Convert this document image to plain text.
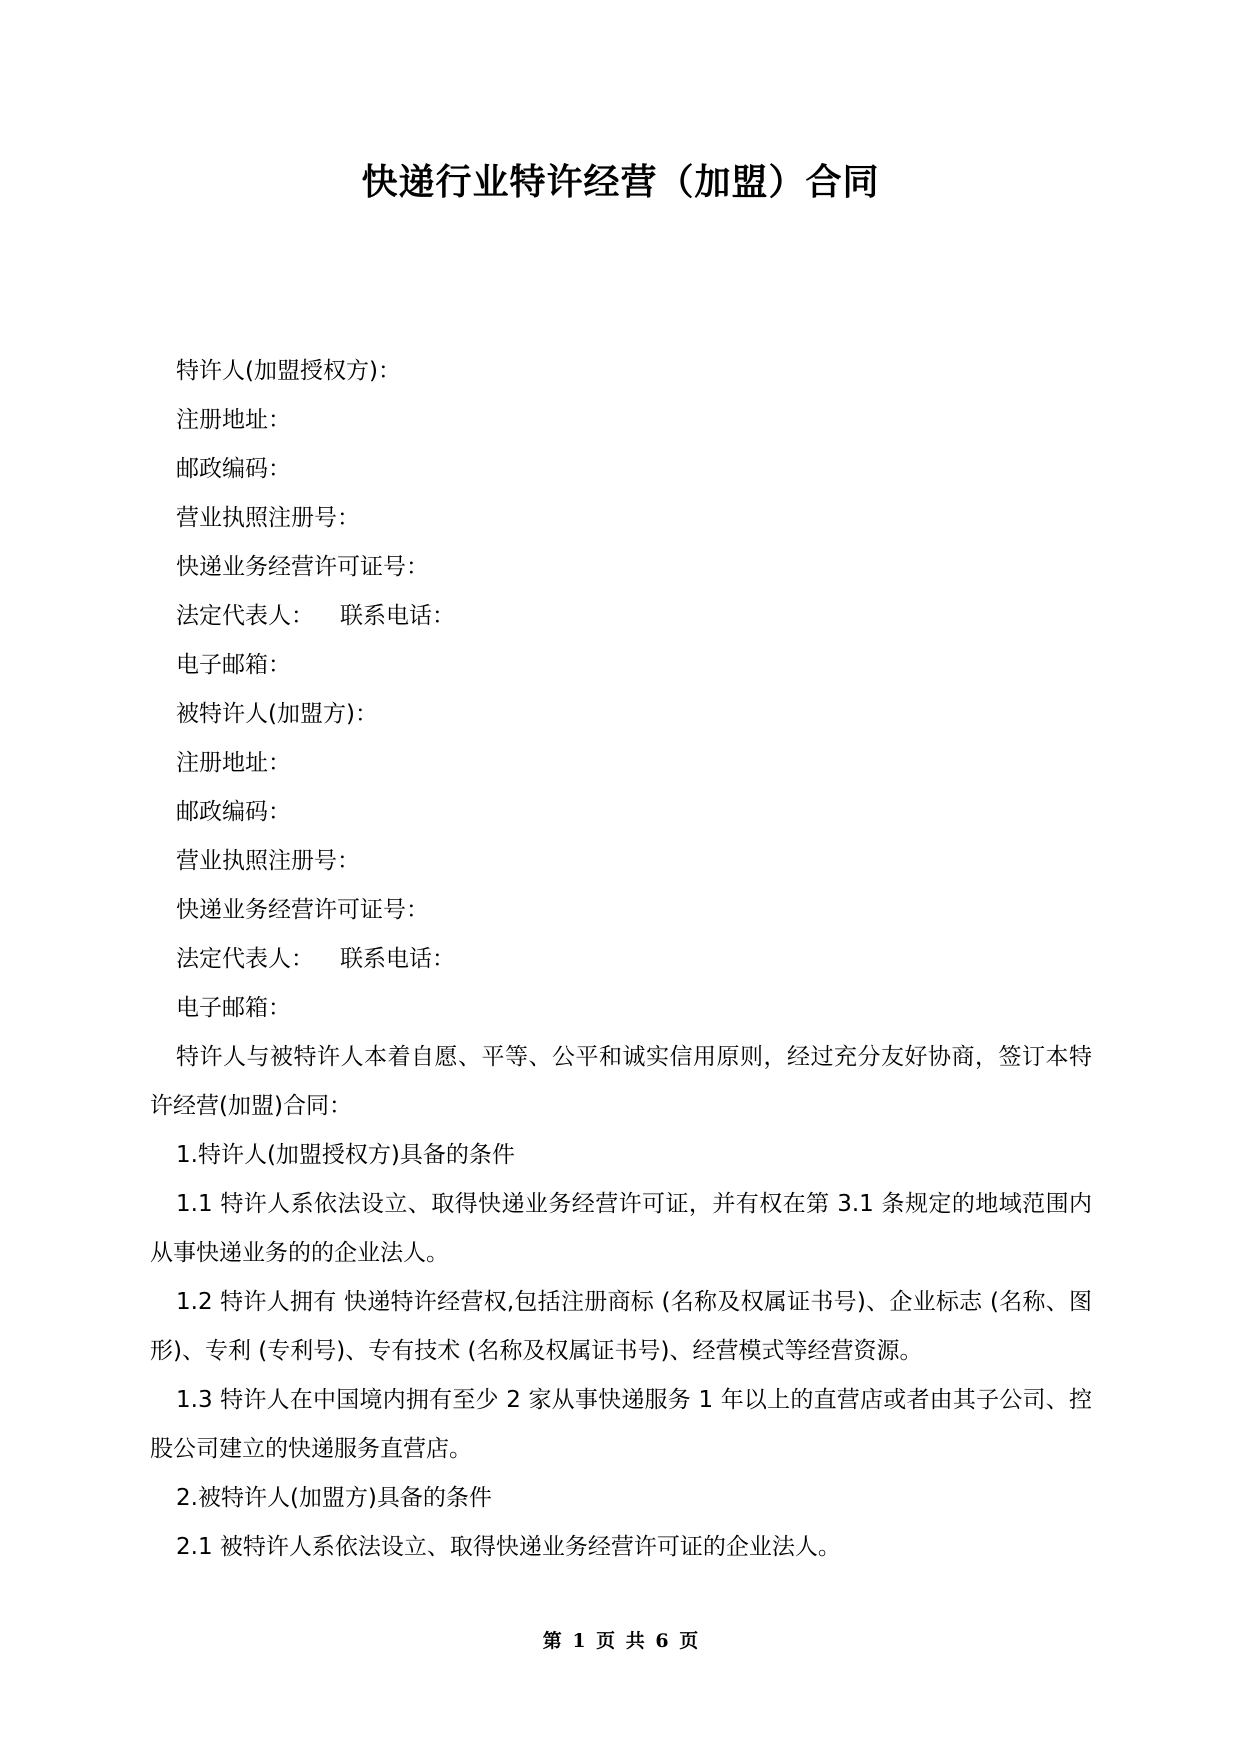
快递行业特许经营（加盟）合同
特许人(加盟授权方)：
注册地址：
邮政编码：
营业执照注册号：
快递业务经营许可证号：
法定代表人： 联系电话：
电子邮箱：
被特许人(加盟方)：
注册地址：
邮政编码：
营业执照注册号：
快递业务经营许可证号：
法定代表人： 联系电话：
电子邮箱：
特许人与被特许人本着自愿、平等、公平和诚实信用原则，经过充分友好协商，签订本特许经营(加盟)合同：
1.特许人(加盟授权方)具备的条件
1.1 特许人系依法设立、取得快递业务经营许可证，并有权在第 3.1 条规定的地域范围内从事快递业务的的企业法人。
1.2 特许人拥有 快递特许经营权,包括注册商标 (名称及权属证书号)、企业标志 (名称、图形)、专利 (专利号)、专有技术 (名称及权属证书号)、经营模式等经营资源。
1.3 特许人在中国境内拥有至少 2 家从事快递服务 1 年以上的直营店或者由其子公司、控股公司建立的快递服务直营店。
2.被特许人(加盟方)具备的条件
2.1 被特许人系依法设立、取得快递业务经营许可证的企业法人。
第 1 页 共 6 页
